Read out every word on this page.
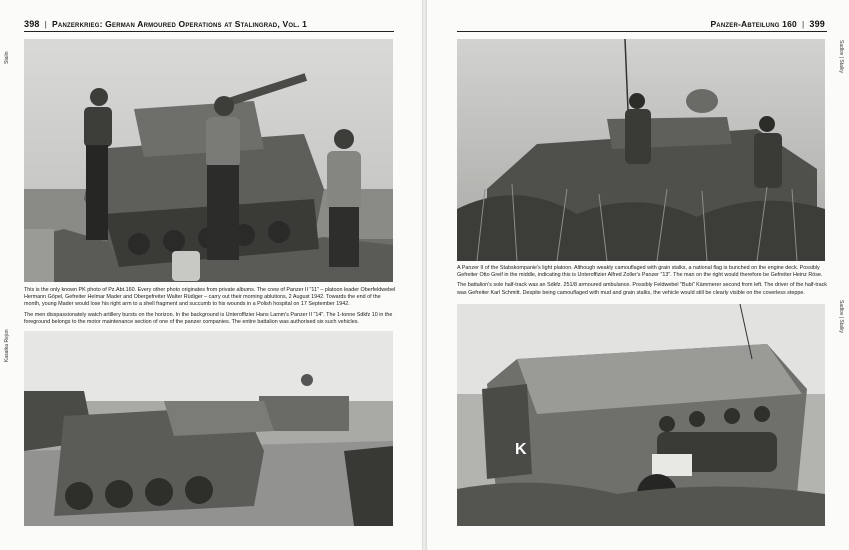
398 | Panzerkrieg: German Armoured Operations at Stalingrad, Vol. 1
Stalin
Kasatka Rejon

This is the only known PK photo of Pz.Abt.160. Every other photo originates from private albums. The crew of Panzer II "11" – platoon leader Oberfeldwebel Hermann Göpel, Gefreiter Helmar Mader and Obergefreiter Walter Rüdiger – carry out their morning ablutions, 2 August 1942. Towards the end of the month, young Mader would lose his right arm to a shell fragment and succumb to his wounds in a Polish hospital on 17 September 1942.

The men disspassionately watch artillery bursts on the horizon. In the background is Unteroffizier Hans Lamm's Panzer II "14". The 1-tonne Sdkfz 10 in the foreground belongs to the motor maintenance section of one of the panzer companies. The entire battalion was authorised six such vehicles.

Panzer-Abteilung 160 | 399
Sadlov | Stalky
Sadlov | Stalky

A Panzer II of the Stabskompanie's light platoon. Although weakly camouflaged with grain stalks, a national flag is bunched on the engine deck. Possibly Gefreiter Otto Greif in the middle, indicating this is Unteroffizier Alfred Zoller's Panzer "13". The man on the right would therefore be Gefreiter Heinz Röse.

The battalion's sole half-track was an Sdkfz. 251/8 armoured ambulance. Possibly Feldwebel "Bubi" Kämmerer second from left. The driver of the half-track was Gefreiter Karl Schmitt. Despite being camouflaged with mud and grain stalks, the vehicle would still be clearly visible on the coverless steppe.

K
